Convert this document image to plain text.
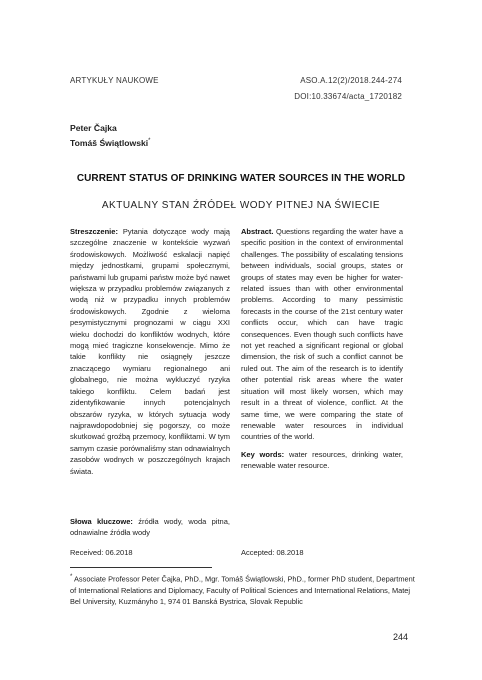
ARTYKUŁY NAUKOWE	ASO.A.12(2)/2018.244-274
DOI:10.33674/acta_1720182
Peter Čajka
Tomáš Świątlowski*
CURRENT STATUS OF DRINKING WATER SOURCES IN THE WORLD
AKTUALNY STAN ŹRÓDEŁ WODY PITNEJ NA ŚWIECIE
Streszczenie: Pytania dotyczące wody mają szczególne znaczenie w kontekście wyzwań środowiskowych. Możliwość eskalacji napięć między jednostkami, grupami społecznymi, państwami lub grupami państw może być nawet większa w przypadku problemów związanych z wodą niż w przypadku innych problemów środowiskowych. Zgodnie z wieloma pesymistycznymi prognozami w ciągu XXI wieku dochodzi do konfliktów wodnych, które mogą mieć tragiczne konsekwencje. Mimo że takie konflikty nie osiągnęły jeszcze znaczącego wymiaru regionalnego ani globalnego, nie można wykluczyć ryzyka takiego konfliktu. Celem badań jest zidentyfikowanie innych potencjalnych obszarów ryzyka, w których sytuacja wody najprawdopodobniej się pogorszy, co może skutkować groźbą przemocy, konfliktami. W tym samym czasie porównaliśmy stan odnawialnych zasobów wodnych w poszczególnych krajach świata.
Abstract. Questions regarding the water have a specific position in the context of environmental challenges. The possibility of escalating tensions between individuals, social groups, states or groups of states may even be higher for water-related issues than with other environmental problems. According to many pessimistic forecasts in the course of the 21st century water conflicts occur, which can have tragic consequences. Even though such conflicts have not yet reached a significant regional or global dimension, the risk of such a conflict cannot be ruled out. The aim of the research is to identify other potential risk areas where the water situation will most likely worsen, which may result in a threat of violence, conflict. At the same time, we were comparing the state of renewable water resources in individual countries of the world.
Key words: water resources, drinking water, renewable water resource.
Słowa kluczowe: źródła wody, woda pitna, odnawialne źródła wody
Received: 06.2018	Accepted: 08.2018
* Associate Professor Peter Čajka, PhD., Mgr. Tomáš Świątlowski, PhD., former PhD student, Department of International Relations and Diplomacy, Faculty of Political Sciences and International Relations, Matej Bel University, Kuzmányho 1, 974 01 Banská Bystrica, Slovak Republic
244
